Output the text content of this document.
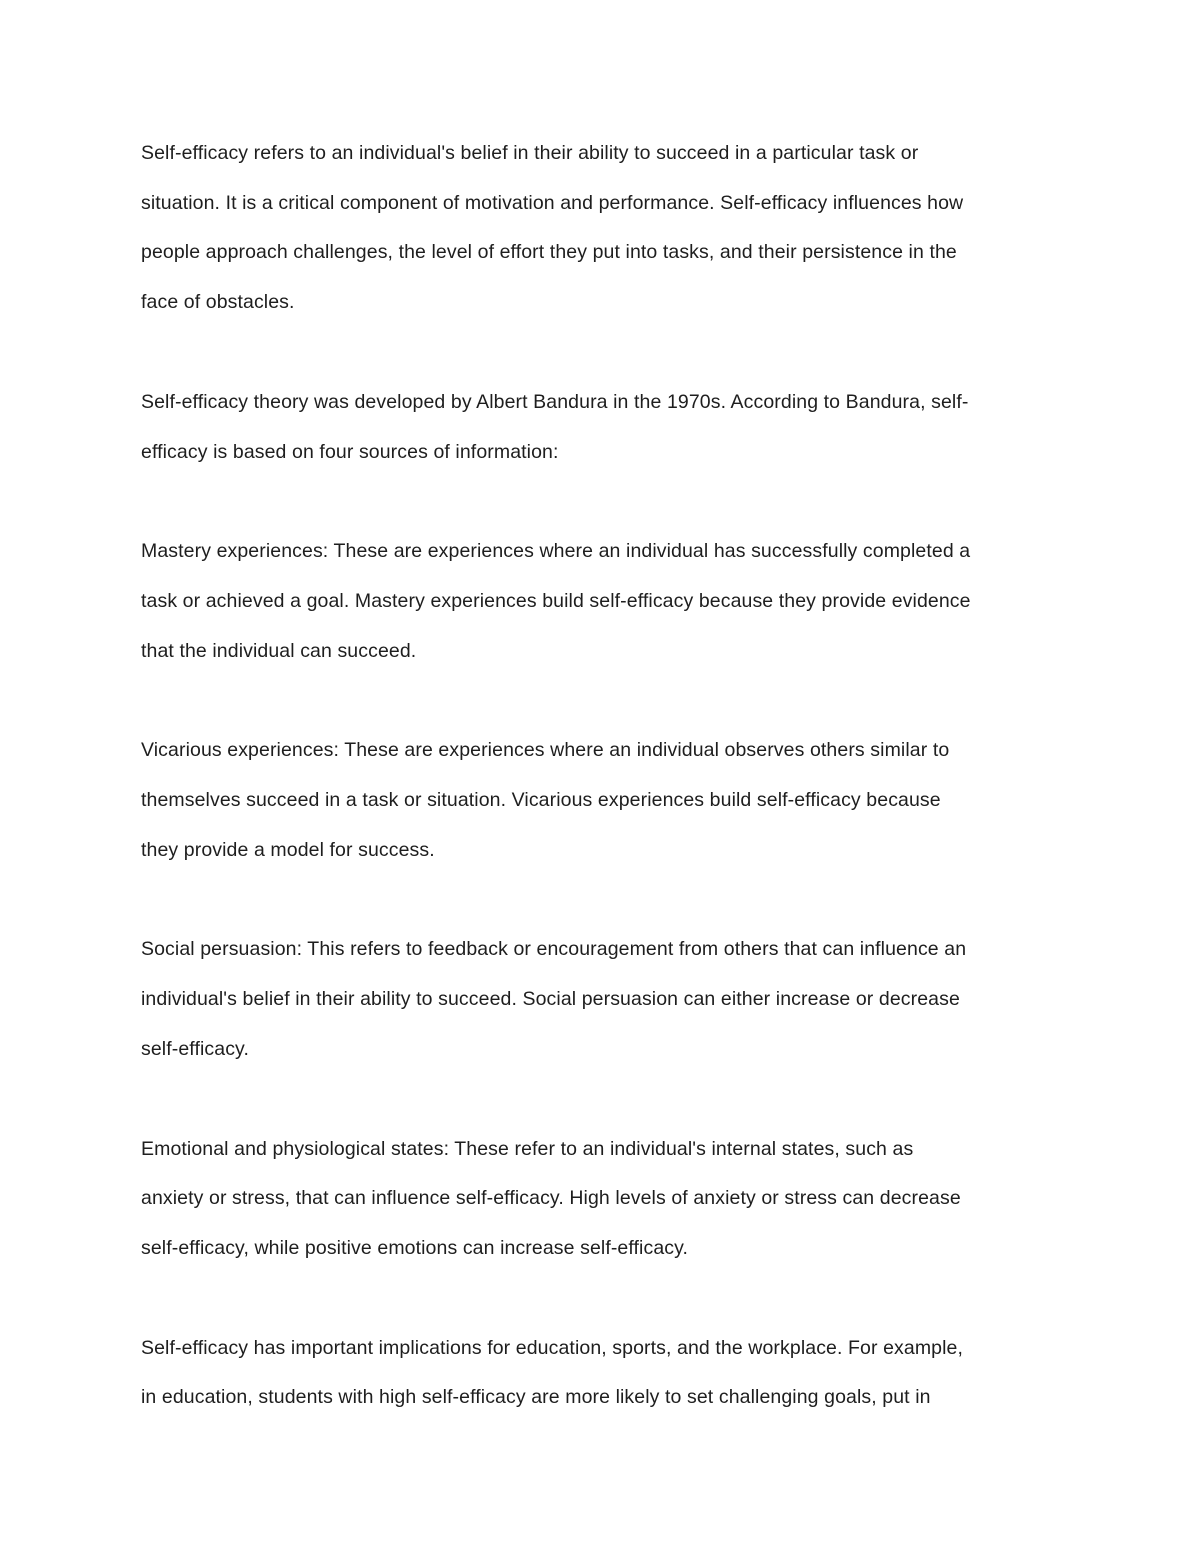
Self-efficacy refers to an individual's belief in their ability to succeed in a particular task or
situation. It is a critical component of motivation and performance. Self-efficacy influences how
people approach challenges, the level of effort they put into tasks, and their persistence in the
face of obstacles.

Self-efficacy theory was developed by Albert Bandura in the 1970s. According to Bandura, self-
efficacy is based on four sources of information:

Mastery experiences: These are experiences where an individual has successfully completed a
task or achieved a goal. Mastery experiences build self-efficacy because they provide evidence
that the individual can succeed.

Vicarious experiences: These are experiences where an individual observes others similar to
themselves succeed in a task or situation. Vicarious experiences build self-efficacy because
they provide a model for success.

Social persuasion: This refers to feedback or encouragement from others that can influence an
individual's belief in their ability to succeed. Social persuasion can either increase or decrease
self-efficacy.

Emotional and physiological states: These refer to an individual's internal states, such as
anxiety or stress, that can influence self-efficacy. High levels of anxiety or stress can decrease
self-efficacy, while positive emotions can increase self-efficacy.

Self-efficacy has important implications for education, sports, and the workplace. For example,
in education, students with high self-efficacy are more likely to set challenging goals, put in
